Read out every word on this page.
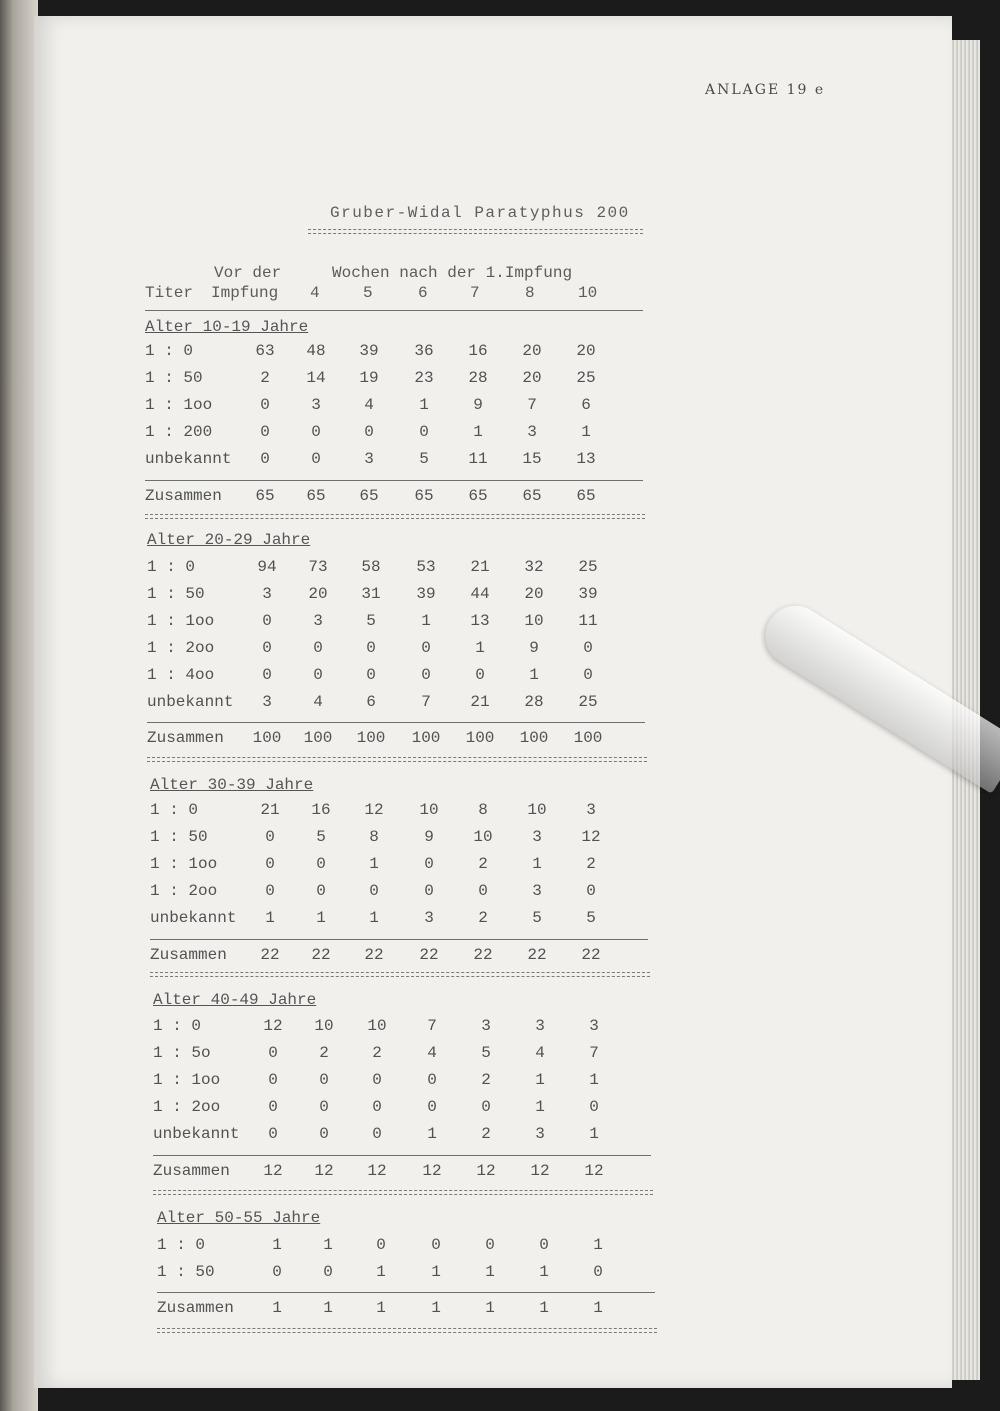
ANLAGE 19 e
Gruber-Widal Paratyphus 200
Vor der	Wochen nach der 1.Impfung
Titer Impfung 4	5	6	7	8	10
Alter 10-19 Jahre
1 : 0	63	48	39	36	16	20	20
1 : 50	2	14	19	23	28	20	25
1 : 1oo	0	3	4	1	9	7	6
1 : 200	0	0	0	0	1	3	1
unbekannt	0	0	3	5	11	15	13
Zusammen	65	65	65	65	65	65	65
Alter 20-29 Jahre
1 : 0	94	73	58	53	21	32	25
1 : 50	3	20	31	39	44	20	39
1 : 1oo	0	3	5	1	13	10	11
1 : 2oo	0	0	0	0	1	9	0
1 : 4oo	0	0	0	0	0	1	0
unbekannt	3	4	6	7	21	28	25
Zusammen	100	100	100	100	100	100	100
Alter 30-39 Jahre
1 : 0	21	16	12	10	8	10	3
1 : 50	0	5	8	9	10	3	12
1 : 1oo	0	0	1	0	2	1	2
1 : 2oo	0	0	0	0	0	3	0
unbekannt	1	1	1	3	2	5	5
Zusammen	22	22	22	22	22	22	22
Alter 40-49 Jahre
1 : 0	12	10	10	7	3	3	3
1 : 5o	0	2	2	4	5	4	7
1 : 1oo	0	0	0	0	2	1	1
1 : 2oo	0	0	0	0	0	1	0
unbekannt	0	0	0	1	2	3	1
Zusammen	12	12	12	12	12	12	12
Alter 50-55 Jahre
1 : 0	1	1	0	0	0	0	1
1 : 50	0	0	1	1	1	1	0
Zusammen	1	1	1	1	1	1	1
